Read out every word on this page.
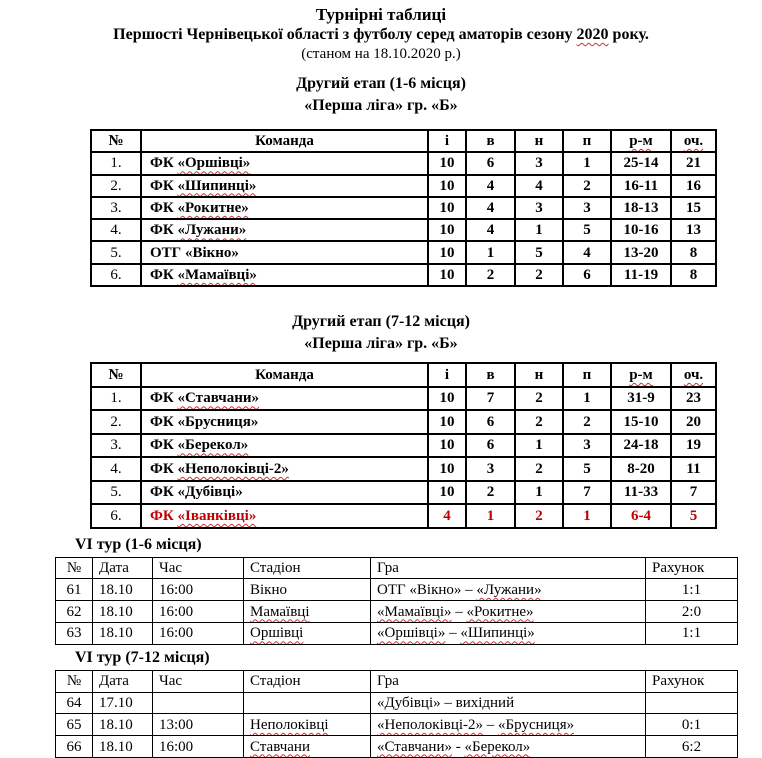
Турнірні таблиці
Першості Чернівецької області з футболу серед аматорів сезону 2020 року.
(станом на 18.10.2020 р.)
Другий етап (1-6 місця)
«Перша ліга» гр. «Б»
№	Команда	і	в	н	п	р-м	оч.
1.	ФК «Оршівці»	10	6	3	1	25-14	21
2.	ФК «Шипинці»	10	4	4	2	16-11	16
3.	ФК «Рокитне»	10	4	3	3	18-13	15
4.	ФК «Лужани»	10	4	1	5	10-16	13
5.	ОТГ «Вікно»	10	1	5	4	13-20	8
6.	ФК «Мамаївці»	10	2	2	6	11-19	8
Другий етап (7-12 місця)
«Перша ліга» гр. «Б»
№	Команда	і	в	н	п	р-м	оч.
1.	ФК «Ставчани»	10	7	2	1	31-9	23
2.	ФК «Брусниця»	10	6	2	2	15-10	20
3.	ФК «Берекол»	10	6	1	3	24-18	19
4.	ФК «Неполоківці-2»	10	3	2	5	8-20	11
5.	ФК «Дубівці»	10	2	1	7	11-33	7
6.	ФК «Іванківці»	4	1	2	1	6-4	5
VI тур (1-6 місця)
№	Дата	Час	Стадіон	Гра	Рахунок
61	18.10	16:00	Вікно	ОТГ «Вікно» – «Лужани»	1:1
62	18.10	16:00	Мамаївці	«Мамаївці» – «Рокитне»	2:0
63	18.10	16:00	Оршівці	«Оршівці» – «Шипинці»	1:1
VI тур (7-12 місця)
№	Дата	Час	Стадіон	Гра	Рахунок
64	17.10			«Дубівці» – вихідний	
65	18.10	13:00	Неполоківці	«Неполоківці-2» – «Брусниця»	0:1
66	18.10	16:00	Ставчани	«Ставчани» - «Берекол»	6:2
